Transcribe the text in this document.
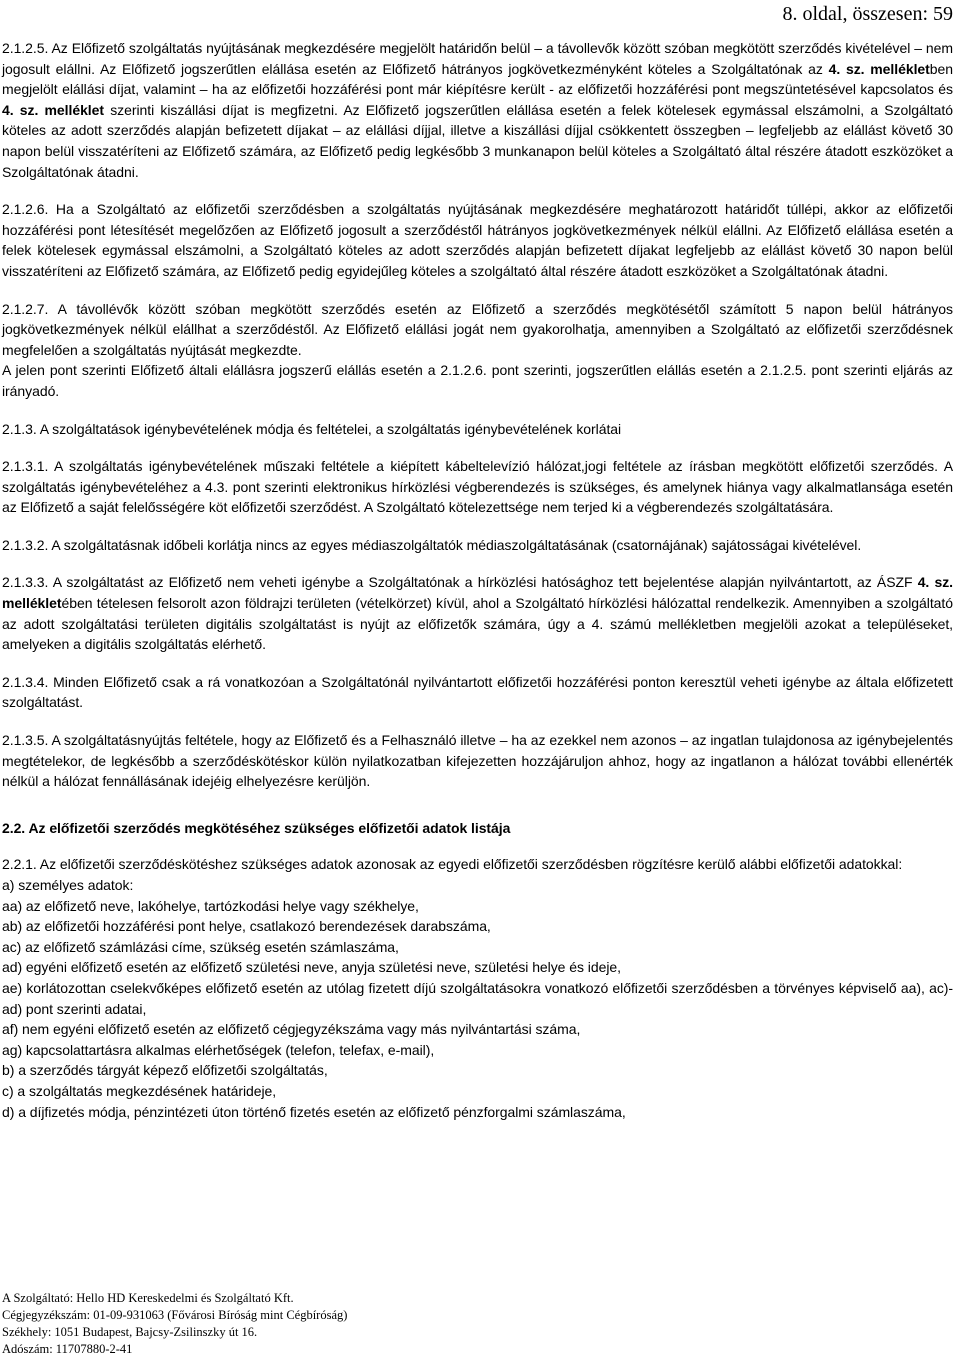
8. oldal, összesen: 59

2.1.2.5. Az Előfizető szolgáltatás nyújtásának megkezdésére megjelölt határidőn belül – a távollevők között szóban megkötött szerződés kivételével – nem jogosult elállni. Az Előfizető jogszerűtlen elállása esetén az Előfizető hátrányos jogkövetkezményként köteles a Szolgáltatónak az 4. sz. mellékletben megjelölt elállási díjat, valamint – ha az előfizetői hozzáférési pont már kiépítésre került - az előfizetői hozzáférési pont megszüntetésével kapcsolatos és 4. sz. melléklet szerinti kiszállási díjat is megfizetni. Az Előfizető jogszerűtlen elállása esetén a felek kötelesek egymással elszámolni, a Szolgáltató köteles az adott szerződés alapján befizetett díjakat – az elállási díjjal, illetve a kiszállási díjjal csökkentett összegben – legfeljebb az elállást követő 30 napon belül visszatéríteni az Előfizető számára, az Előfizető pedig legkésőbb 3 munkanapon belül köteles a Szolgáltató által részére átadott eszközöket a Szolgáltatónak átadni.

2.1.2.6. Ha a Szolgáltató az előfizetői szerződésben a szolgáltatás nyújtásának megkezdésére meghatározott határidőt túllépi, akkor az előfizetői hozzáférési pont létesítését megelőzően az Előfizető jogosult a szerződéstől hátrányos jogkövetkezmények nélkül elállni. Az Előfizető elállása esetén a felek kötelesek egymással elszámolni, a Szolgáltató köteles az adott szerződés alapján befizetett díjakat legfeljebb az elállást követő 30 napon belül visszatéríteni az Előfizető számára, az Előfizető pedig egyidejűleg köteles a szolgáltató által részére átadott eszközöket a Szolgáltatónak átadni.

2.1.2.7. A távollévők között szóban megkötött szerződés esetén az Előfizető a szerződés megkötésétől számított 5 napon belül hátrányos jogkövetkezmények nélkül elállhat a szerződéstől. Az Előfizető elállási jogát nem gyakorolhatja, amennyiben a Szolgáltató az előfizetői szerződésnek megfelelően a szolgáltatás nyújtását megkezdte.

A jelen pont szerinti Előfizető általi elállásra jogszerű elállás esetén a 2.1.2.6. pont szerinti, jogszerűtlen elállás esetén a 2.1.2.5. pont szerinti eljárás az irányadó.

2.1.3. A szolgáltatások igénybevételének módja és feltételei, a szolgáltatás igénybevételének korlátai

2.1.3.1. A szolgáltatás igénybevételének műszaki feltétele a kiépített kábeltelevízió hálózat,jogi feltétele az írásban megkötött előfizetői szerződés. A szolgáltatás igénybevételéhez a 4.3. pont szerinti elektronikus hírközlési végberendezés is szükséges, és amelynek hiánya vagy alkalmatlansága esetén az Előfizető a saját felelősségére köt előfizetői szerződést. A Szolgáltató kötelezettsége nem terjed ki a végberendezés szolgáltatására.

2.1.3.2. A szolgáltatásnak időbeli korlátja nincs az egyes médiaszolgáltatók médiaszolgáltatásának (csatornájának) sajátosságai kivételével.

2.1.3.3. A szolgáltatást az Előfizető nem veheti igénybe a Szolgáltatónak a hírközlési hatósághoz tett bejelentése alapján nyilvántartott, az ÁSZF 4. sz. mellékletében tételesen felsorolt azon földrajzi területen (vételkörzet) kívül, ahol a Szolgáltató hírközlési hálózattal rendelkezik. Amennyiben a szolgáltató az adott szolgáltatási területen digitális szolgáltatást is nyújt az előfizetők számára, úgy a 4. számú mellékletben megjelöli azokat a településeket, amelyeken a digitális szolgáltatás elérhető.

2.1.3.4. Minden Előfizető csak a rá vonatkozóan a Szolgáltatónál nyilvántartott előfizetői hozzáférési ponton keresztül veheti igénybe az általa előfizetett szolgáltatást.

2.1.3.5. A szolgáltatásnyújtás feltétele, hogy az Előfizető és a Felhasználó illetve – ha az ezekkel nem azonos – az ingatlan tulajdonosa az igénybejelentés megtételekor, de legkésőbb a szerződéskötéskor külön nyilatkozatban kifejezetten hozzájáruljon ahhoz, hogy az ingatlanon a hálózat további ellenérték nélkül a hálózat fennállásának idejéig elhelyezésre kerüljön.

2.2. Az előfizetői szerződés megkötéséhez szükséges előfizetői adatok listája

2.2.1. Az előfizetői szerződéskötéshez szükséges adatok azonosak az egyedi előfizetői szerződésben rögzítésre kerülő alábbi előfizetői adatokkal:

a) személyes adatok:

aa) az előfizető neve, lakóhelye, tartózkodási helye vagy székhelye,

ab) az előfizetői hozzáférési pont helye, csatlakozó berendezések darabszáma,

ac) az előfizető számlázási címe, szükség esetén számlaszáma,

ad) egyéni előfizető esetén az előfizető születési neve, anyja születési neve, születési helye és ideje,

ae) korlátozottan cselekvőképes előfizető esetén az utólag fizetett díjú szolgáltatásokra vonatkozó előfizetői szerződésben a törvényes képviselő aa), ac)-ad) pont szerinti adatai,

af) nem egyéni előfizető esetén az előfizető cégjegyzékszáma vagy más nyilvántartási száma,

ag) kapcsolattartásra alkalmas elérhetőségek (telefon, telefax, e-mail),

b) a szerződés tárgyát képező előfizetői szolgáltatás,

c) a szolgáltatás megkezdésének határideje,

d) a díjfizetés módja, pénzintézeti úton történő fizetés esetén az előfizető pénzforgalmi számlaszáma,

A Szolgáltató: Hello HD Kereskedelmi és Szolgáltató Kft.
Cégjegyzékszám: 01-09-931063 (Fővárosi Bíróság mint Cégbíróság)
Székhely: 1051 Budapest, Bajcsy-Zsilinszky út 16.
Adószám: 11707880-2-41
